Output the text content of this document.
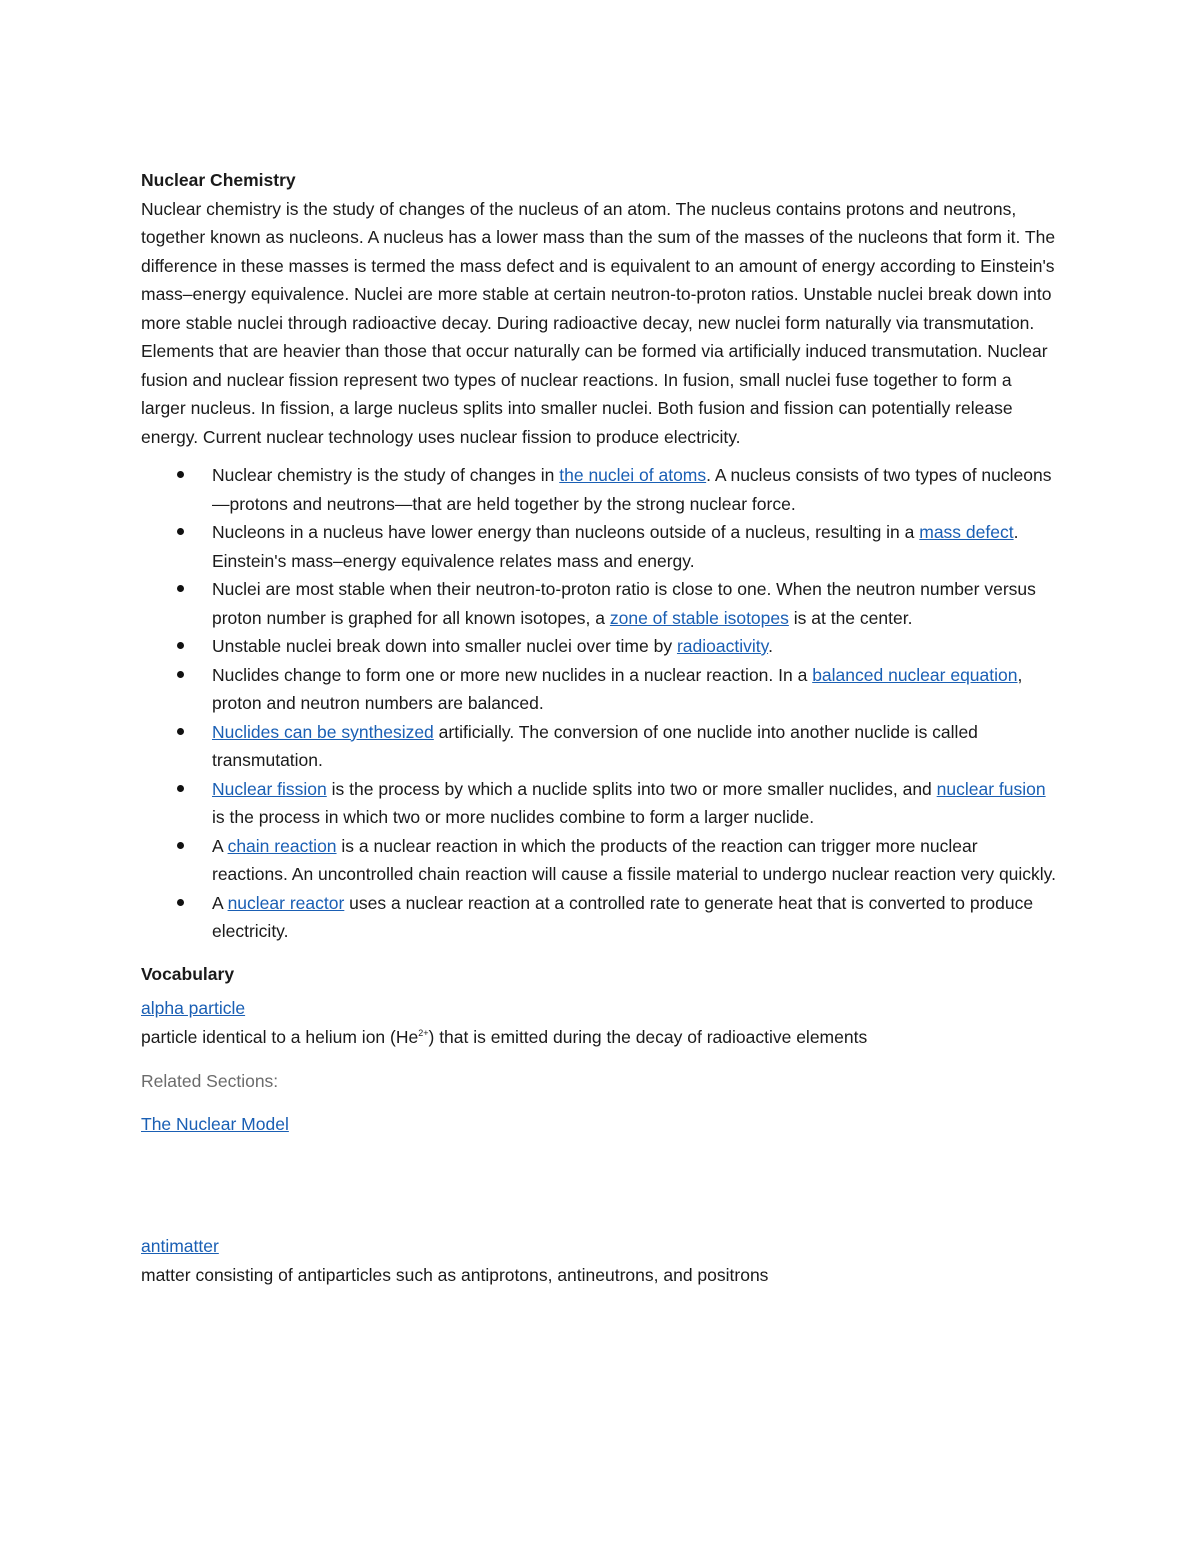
Nuclear Chemistry

Nuclear chemistry is the study of changes of the nucleus of an atom. The nucleus contains protons and neutrons, together known as nucleons. A nucleus has a lower mass than the sum of the masses of the nucleons that form it. The difference in these masses is termed the mass defect and is equivalent to an amount of energy according to Einstein's mass–energy equivalence. Nuclei are more stable at certain neutron-to-proton ratios. Unstable nuclei break down into more stable nuclei through radioactive decay. During radioactive decay, new nuclei form naturally via transmutation. Elements that are heavier than those that occur naturally can be formed via artificially induced transmutation. Nuclear fusion and nuclear fission represent two types of nuclear reactions. In fusion, small nuclei fuse together to form a larger nucleus. In fission, a large nucleus splits into smaller nuclei. Both fusion and fission can potentially release energy. Current nuclear technology uses nuclear fission to produce electricity.

Nuclear chemistry is the study of changes in the nuclei of atoms. A nucleus consists of two types of nucleons—protons and neutrons—that are held together by the strong nuclear force.
Nucleons in a nucleus have lower energy than nucleons outside of a nucleus, resulting in a mass defect. Einstein's mass–energy equivalence relates mass and energy.
Nuclei are most stable when their neutron-to-proton ratio is close to one. When the neutron number versus proton number is graphed for all known isotopes, a zone of stable isotopes is at the center.
Unstable nuclei break down into smaller nuclei over time by radioactivity.
Nuclides change to form one or more new nuclides in a nuclear reaction. In a balanced nuclear equation, proton and neutron numbers are balanced.
Nuclides can be synthesized artificially. The conversion of one nuclide into another nuclide is called transmutation.
Nuclear fission is the process by which a nuclide splits into two or more smaller nuclides, and nuclear fusion is the process in which two or more nuclides combine to form a larger nuclide.
A chain reaction is a nuclear reaction in which the products of the reaction can trigger more nuclear reactions. An uncontrolled chain reaction will cause a fissile material to undergo nuclear reaction very quickly.
A nuclear reactor uses a nuclear reaction at a controlled rate to generate heat that is converted to produce electricity.

Vocabulary

alpha particle

particle identical to a helium ion $(He^{2+})$ that is emitted during the decay of radioactive elements

Related Sections:

The Nuclear Model

antimatter

matter consisting of antiparticles such as antiprotons, antineutrons, and positrons
